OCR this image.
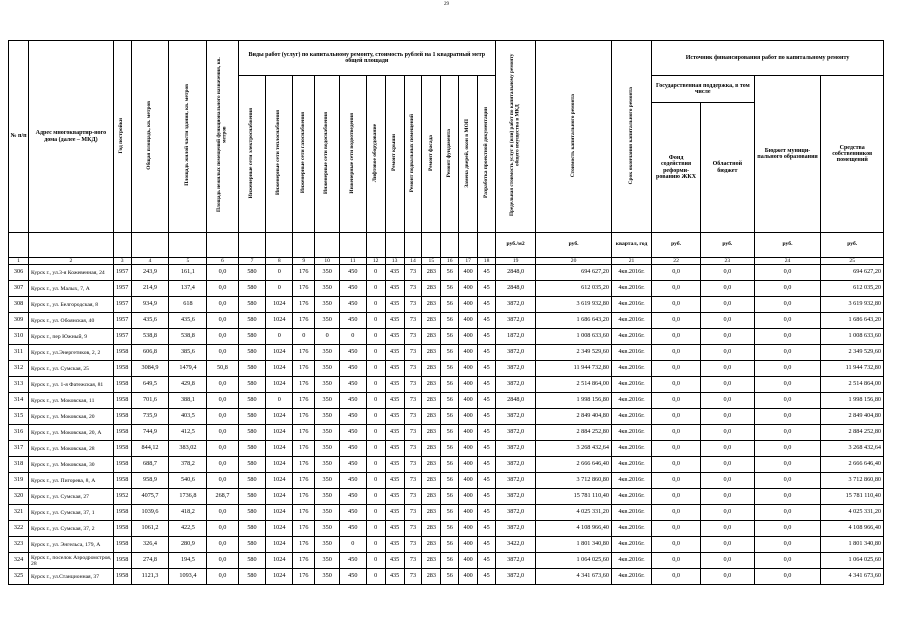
29
№ п/п	Адрес многоквартир-ного дома (далее – МКД)	Год постройки	Общая площадь, кв. метров	Площадь жилой части здания, кв. метров	Площадь нежилых помещений функционального назначения, кв. метров	Виды работ (услуг) по капитальному ремонту, стоимость рублей на 1 квадратный метр общей площади												Предельная стоимость услуг и (или) работ по капитальному ремонту общего имущества в МКД	Стоимость капитального ремонта	Срок окончания капитального ремонта	Источник финансирования работ по капитальному ремонту			
						Инженерные сети электроснабжения	Инженерные сети теплоснабжения	Инженерные сети газоснабжения	Инженерные сети водоснабжения	Инженерные сети водоотведения	Лифтовое оборудование	Ремонт крыши	Ремонт подвальных помещений	Ремонт фасада	Ремонт фундамента	Замена дверей, окон в МОП	Разработка проектной документации				Государственная поддержка, в том числе		Бюджет муници-пального образования	Средства собственников помещений
																					Фонд содействия реформи-рованию ЖКХ	Областной бюджет		
																		руб./м2	руб.	квартал, год	руб.	руб.	руб.	руб.
1	2	3	4	5	6	7	8	9	10	11	12	13	14	15	16	17	18	19	20	21	22	23	24	25
306	Курск г., ул.3-я Кожевенная, 24	1957	243,9	161,1	0,0	580	0	176	350	450	0	435	73	283	56	400	45	2848,0	694 627,20	4кв.2016г.	0,0	0,0	0,0	694 627,20
307	Курск г., ул. Малых, 7, А	1957	214,9	137,4	0,0	580	0	176	350	450	0	435	73	283	56	400	45	2848,0	612 035,20	4кв.2016г.	0,0	0,0	0,0	612 035,20
308	Курск г., ул. Белгородская, 8	1957	934,9	618	0,0	580	1024	176	350	450	0	435	73	283	56	400	45	3872,0	3 619 932,80	4кв.2016г.	0,0	0,0	0,0	3 619 932,80
309	Курск г., ул. Обоянская, 40	1957	435,6	435,6	0,0	580	1024	176	350	450	0	435	73	283	56	400	45	3872,0	1 686 643,20	4кв.2016г.	0,0	0,0	0,0	1 686 643,20
310	Курск г., пер Южный, 9	1957	538,8	538,8	0,0	580	0	0	0	0	0	435	73	283	56	400	45	1872,0	1 008 633,60	4кв.2016г.	0,0	0,0	0,0	1 008 633,60
311	Курск г., ул.Энергетиков, 2, 2	1958	606,8	385,6	0,0	580	1024	176	350	450	0	435	73	283	56	400	45	3872,0	2 349 529,60	4кв.2016г.	0,0	0,0	0,0	2 349 529,60
312	Курск г., ул. Сумская, 25	1958	3084,9	1479,4	50,8	580	1024	176	350	450	0	435	73	283	56	400	45	3872,0	11 944 732,80	4кв.2016г.	0,0	0,0	0,0	11 944 732,80
313	Курск г., ул. 1-я Фатежская, 81	1958	649,5	429,8	0,0	580	1024	176	350	450	0	435	73	283	56	400	45	3872,0	2 514 864,00	4кв.2016г.	0,0	0,0	0,0	2 514 864,00
314	Курск г., ул. Моковская, 11	1958	701,6	388,1	0,0	580	0	176	350	450	0	435	73	283	56	400	45	2848,0	1 998 156,80	4кв.2016г.	0,0	0,0	0,0	1 998 156,80
315	Курск г., ул. Моковская, 20	1958	735,9	403,5	0,0	580	1024	176	350	450	0	435	73	283	56	400	45	3872,0	2 849 404,80	4кв.2016г.	0,0	0,0	0,0	2 849 404,80
316	Курск г., ул. Моковская, 20, А	1958	744,9	412,5	0,0	580	1024	176	350	450	0	435	73	283	56	400	45	3872,0	2 884 252,80	4кв.2016г.	0,0	0,0	0,0	2 884 252,80
317	Курск г., ул. Моковская, 28	1958	844,12	383,02	0,0	580	1024	176	350	450	0	435	73	283	56	400	45	3872,0	3 268 432,64	4кв.2016г.	0,0	0,0	0,0	3 268 432,64
318	Курск г., ул. Моковская, 30	1958	688,7	378,2	0,0	580	1024	176	350	450	0	435	73	283	56	400	45	3872,0	2 666 646,40	4кв.2016г.	0,0	0,0	0,0	2 666 646,40
319	Курск г., ул. Пигорева, 8, А	1958	958,9	540,6	0,0	580	1024	176	350	450	0	435	73	283	56	400	45	3872,0	3 712 860,80	4кв.2016г.	0,0	0,0	0,0	3 712 860,80
320	Курск г., ул. Сумская, 27	1952	4075,7	1736,8	268,7	580	1024	176	350	450	0	435	73	283	56	400	45	3872,0	15 781 110,40	4кв.2016г.	0,0	0,0	0,0	15 781 110,40
321	Курск г., ул. Сумская, 37, 1	1958	1039,6	418,2	0,0	580	1024	176	350	450	0	435	73	283	56	400	45	3872,0	4 025 331,20	4кв.2016г.	0,0	0,0	0,0	4 025 331,20
322	Курск г., ул. Сумская, 37, 2	1958	1061,2	422,5	0,0	580	1024	176	350	450	0	435	73	283	56	400	45	3872,0	4 108 966,40	4кв.2016г.	0,0	0,0	0,0	4 108 966,40
323	Курск г., ул. Энгельса, 179, А	1958	326,4	280,9	0,0	580	1024	176	350	0	0	435	73	283	56	400	45	3422,0	1 801 340,80	4кв.2016г.	0,0	0,0	0,0	1 801 340,80
324	Курск г., поселок Аэродромстроя, 28	1958	274,8	194,5	0,0	580	1024	176	350	450	0	435	73	283	56	400	45	3872,0	1 064 025,60	4кв.2016г.	0,0	0,0	0,0	1 064 025,60
325	Курск г., ул.Станционная, 37	1958	1121,3	1093,4	0,0	580	1024	176	350	450	0	435	73	283	56	400	45	3872,0	4 341 673,60	4кв.2016г.	0,0	0,0	0,0	4 341 673,60
